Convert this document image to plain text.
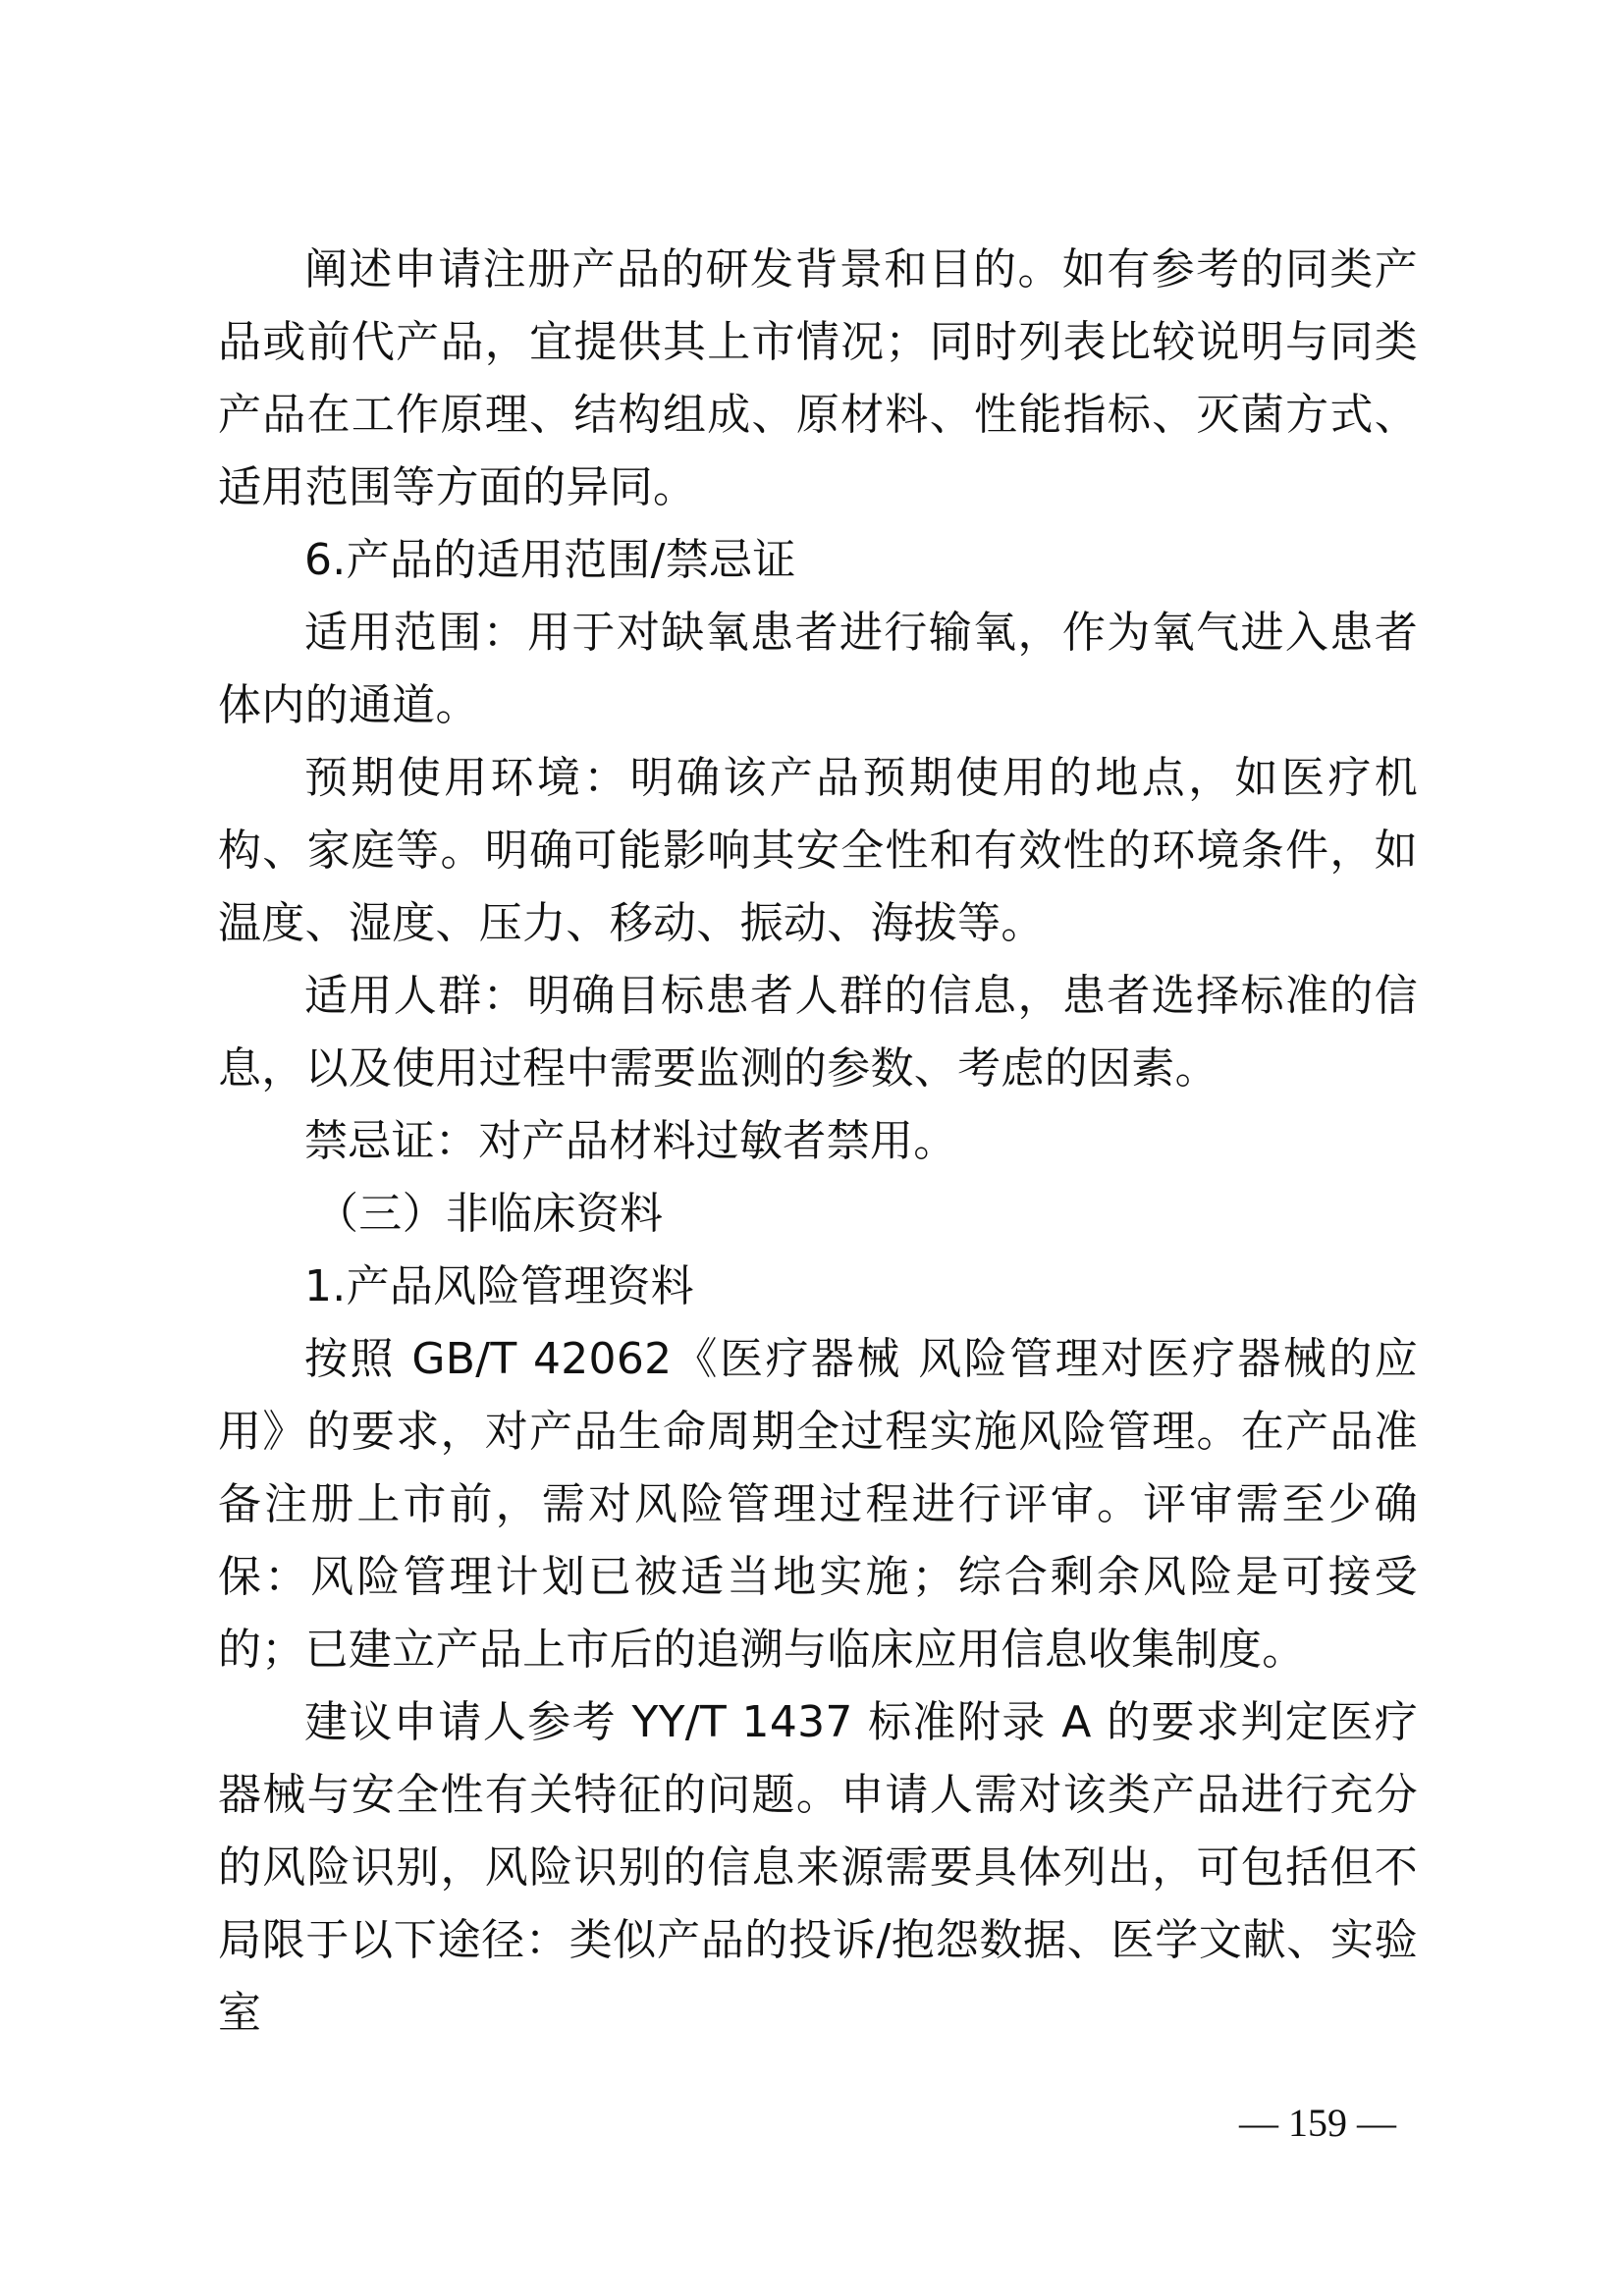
阐述申请注册产品的研发背景和目的。如有参考的同类产品或前代产品，宜提供其上市情况；同时列表比较说明与同类产品在工作原理、结构组成、原材料、性能指标、灭菌方式、适用范围等方面的异同。

6.产品的适用范围/禁忌证

适用范围：用于对缺氧患者进行输氧，作为氧气进入患者体内的通道。

预期使用环境：明确该产品预期使用的地点，如医疗机构、家庭等。明确可能影响其安全性和有效性的环境条件，如温度、湿度、压力、移动、振动、海拔等。

适用人群：明确目标患者人群的信息，患者选择标准的信息，以及使用过程中需要监测的参数、考虑的因素。

禁忌证：对产品材料过敏者禁用。

（三）非临床资料

1.产品风险管理资料

按照 GB/T 42062《医疗器械 风险管理对医疗器械的应用》的要求，对产品生命周期全过程实施风险管理。在产品准备注册上市前，需对风险管理过程进行评审。评审需至少确保：风险管理计划已被适当地实施；综合剩余风险是可接受的；已建立产品上市后的追溯与临床应用信息收集制度。

建议申请人参考 YY/T 1437 标准附录 A 的要求判定医疗器械与安全性有关特征的问题。申请人需对该类产品进行充分的风险识别，风险识别的信息来源需要具体列出，可包括但不局限于以下途径：类似产品的投诉/抱怨数据、医学文献、实验室

— 159 —
